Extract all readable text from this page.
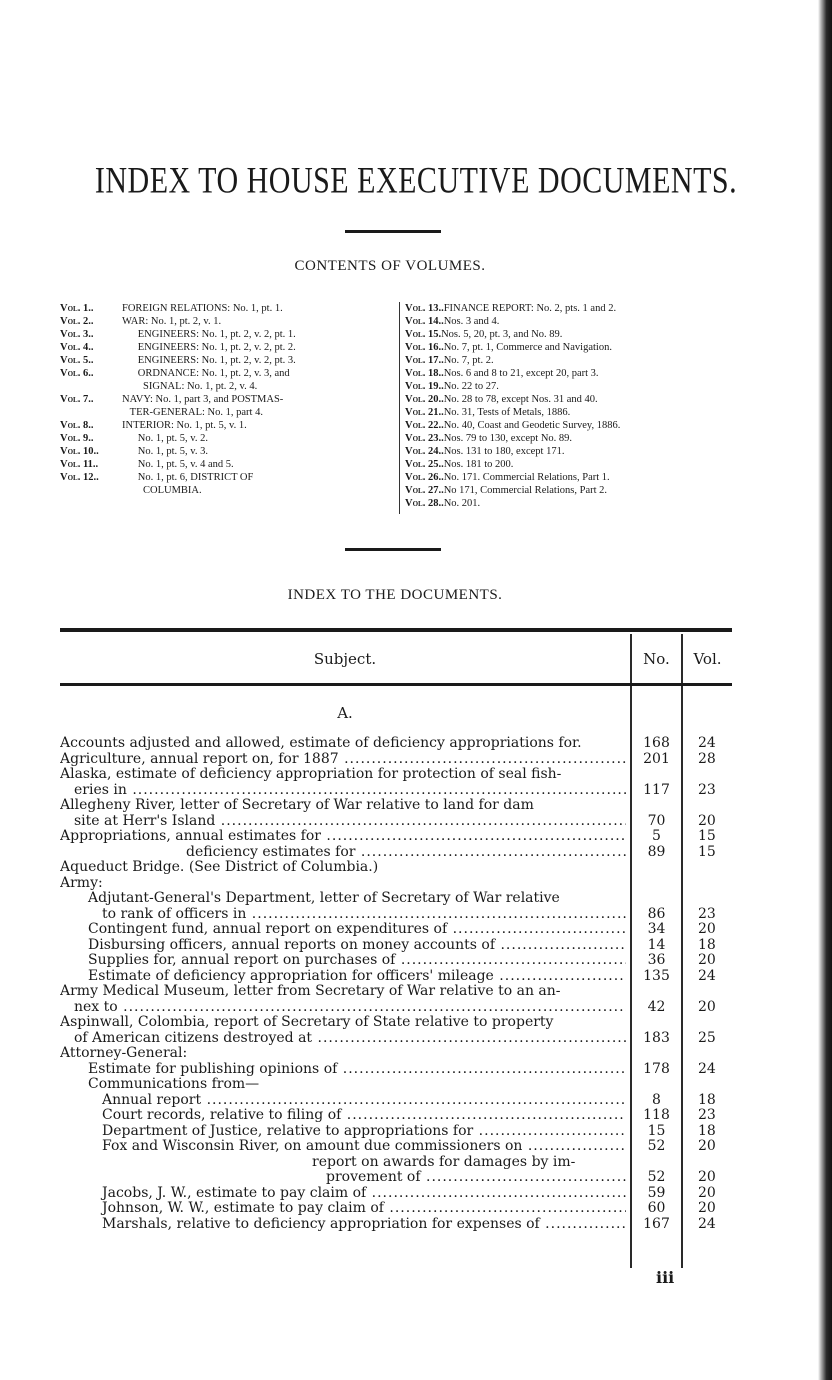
INDEX TO HOUSE EXECUTIVE DOCUMENTS.
CONTENTS OF VOLUMES.
Vol. 1..	FOREIGN RELATIONS: No. 1, pt. 1.
Vol. 2..	WAR: No. 1, pt. 2, v. 1.
Vol. 3..	ENGINEERS: No. 1, pt. 2, v. 2, pt. 1.
Vol. 4..	ENGINEERS: No. 1, pt. 2, v. 2, pt. 2.
Vol. 5..	ENGINEERS: No. 1, pt. 2, v. 2, pt. 3.
Vol. 6..	ORDNANCE: No. 1, pt. 2, v. 3, and
SIGNAL: No. 1, pt. 2, v. 4.
Vol. 7..	NAVY: No. 1, part 3, and POSTMAS-
TER-GENERAL: No. 1, part 4.
Vol. 8..	INTERIOR: No. 1, pt. 5, v. 1.
Vol. 9..	No. 1, pt. 5, v. 2.
Vol. 10.. No. 1, pt. 5, v. 3.
Vol. 11.. No. 1, pt. 5, v. 4 and 5.
Vol. 12.. No. 1, pt. 6, DISTRICT OF
COLUMBIA.
Vol. 13..FINANCE REPORT: No. 2, pts. 1 and 2.
Vol. 14..Nos. 3 and 4.
Vol. 15.Nos. 5, 20, pt. 3, and No. 89.
Vol. 16..No. 7, pt. 1, Commerce and Navigation.
Vol. 17..No. 7, pt. 2.
Vol. 18..Nos. 6 and 8 to 21, except 20, part 3.
Vol. 19..No. 22 to 27.
Vol. 20..No. 28 to 78, except Nos. 31 and 40.
Vol. 21..No. 31, Tests of Metals, 1886.
Vol. 22..No. 40, Coast and Geodetic Survey, 1886.
Vol. 23..Nos. 79 to 130, except No. 89.
Vol. 24..Nos. 131 to 180, except 171.
Vol. 25..Nos. 181 to 200.
Vol. 26..No. 171. Commercial Relations, Part 1.
Vol. 27..No 171, Commercial Relations, Part 2.
Vol. 28..No. 201.
INDEX TO THE DOCUMENTS.
Subject.	No.	Vol.
A.
Accounts adjusted and allowed, estimate of deficiency appropriations for.	168	24
Agriculture, annual report on, for 1887 .....	201	28
Alaska, estimate of deficiency appropriation for protection of seal fish-
eries in .....	117	23
Allegheny River, letter of Secretary of War relative to land for dam
site at Herr's Island .....	70	20
Appropriations, annual estimates for .....	5	15
deficiency estimates for .....	89	15
Aqueduct Bridge. (See District of Columbia.)
Army:
Adjutant-General's Department, letter of Secretary of War relative
to rank of officers in .....	86	23
Contingent fund, annual report on expenditures of .....	34	20
Disbursing officers, annual reports on money accounts of .....	14	18
Supplies for, annual report on purchases of .....	36	20
Estimate of deficiency appropriation for officers' mileage .....	135	24
Army Medical Museum, letter from Secretary of War relative to an an-
nex to .....	42	20
Aspinwall, Colombia, report of Secretary of State relative to property
of American citizens destroyed at .....	183	25
Attorney-General:
Estimate for publishing opinions of .....	178	24
Communications from—
Annual report .....	8	18
Court records, relative to filing of .....	118	23
Department of Justice, relative to appropriations for .....	15	18
Fox and Wisconsin River, on amount due commissioners on .....	52	20
report on awards for damages by im-
provement of .....	52	20
Jacobs, J. W., estimate to pay claim of .....	59	20
Johnson, W. W., estimate to pay claim of .....	60	20
Marshals, relative to deficiency appropriation for expenses of .....	167	24
iii
